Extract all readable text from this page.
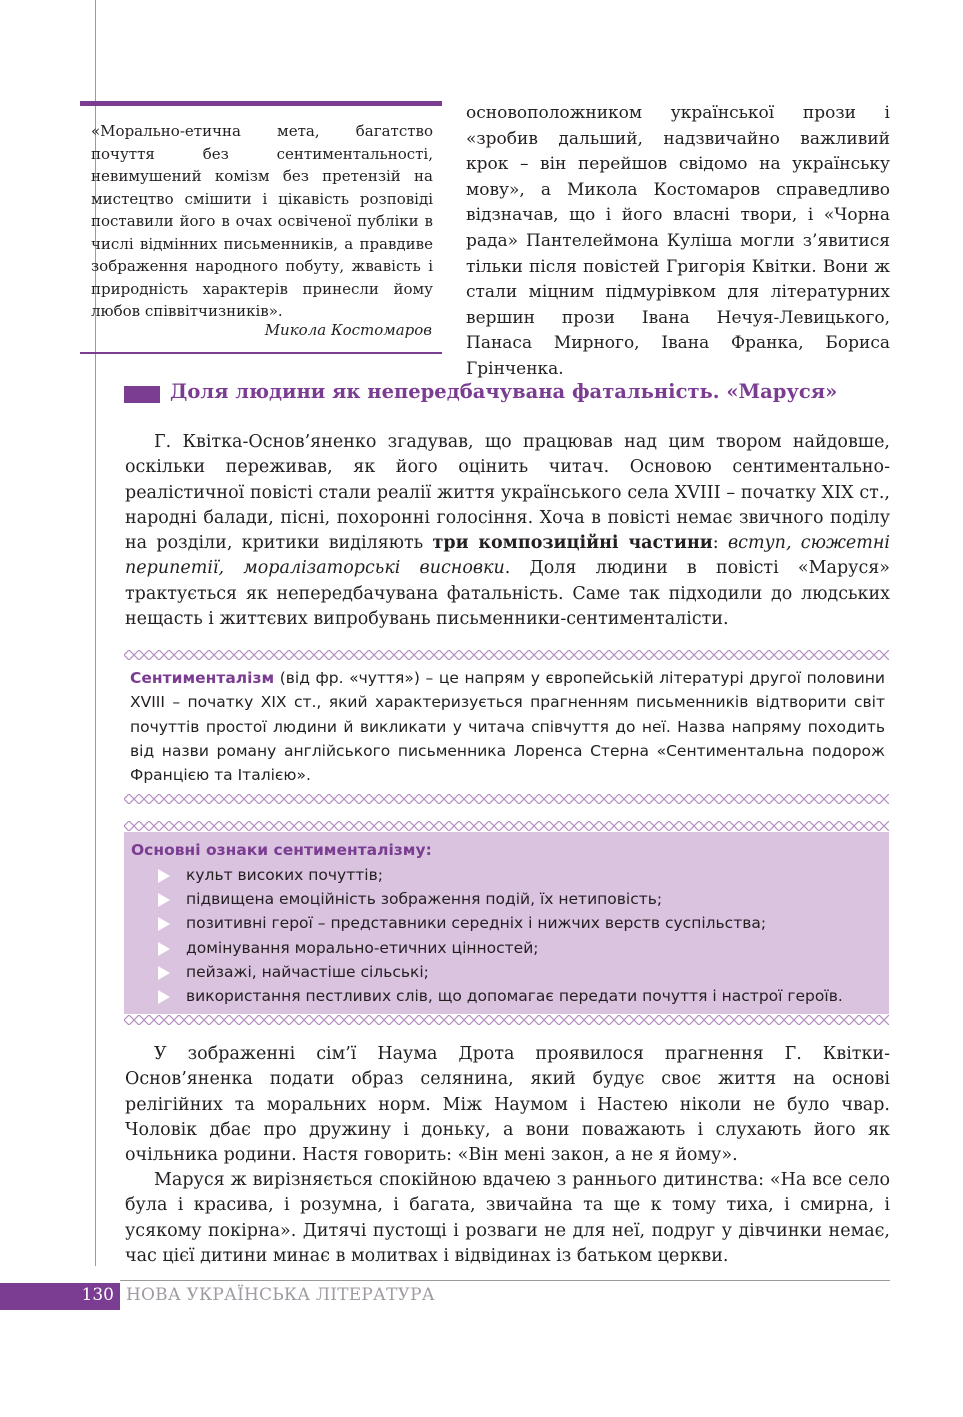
«Морально-етична мета, багатство почуття без сентиментальності, невимушений комізм без претензій на мистецтво смішити і цікавість розповіді поставили його в очах освіченої публіки в числі відмінних письменників, а правдиве зображення народного побуту, жвавість і природність характерів принесли йому любов співвітчизників».
Микола Костомаров

основоположником української прози і «зробив дальший, надзвичайно важливий крок – він перейшов свідомо на українську мову», а Микола Костомаров справедливо відзначав, що і його власні твори, і «Чорна рада» Пантелеймона Куліша могли з’явитися тільки після повістей Григорія Квітки. Вони ж стали міцним підмурівком для літературних вершин прози Івана Нечуя-Левицького, Панаса Мирного, Івана Франка, Бориса Грінченка.

Доля людини як непередбачувана фатальність. «Маруся»

Г. Квітка-Основ’яненко згадував, що працював над цим твором найдовше, оскільки переживав, як його оцінить читач. Основою сентиментально-реалістичної повісті стали реалії життя українського села XVIII – початку XIX ст., народні балади, пісні, похоронні голосіння. Хоча в повісті немає звичного поділу на розділи, критики виділяють три композиційні частини: вступ, сюжетні перипетії, моралізаторські висновки. Доля людини в повісті «Маруся» трактується як непередбачувана фатальність. Саме так підходили до людських нещасть і життєвих випробувань письменники-сентименталісти.

Сентименталізм (від фр. «чуття») – це напрям у європейській літературі другої половини XVIII – початку XIX ст., який характеризується прагненням письменників відтворити світ почуттів простої людини й викликати у читача співчуття до неї. Назва напряму походить від назви роману англійського письменника Лоренса Стерна «Сентиментальна подорож Францією та Італією».

Основні ознаки сентименталізму:

культ високих почуттів;
підвищена емоційність зображення подій, їх нетиповість;
позитивні герої – представники середніх і нижчих верств суспільства;
домінування морально-етичних цінностей;
пейзажі, найчастіше сільські;
використання пестливих слів, що допомагає передати почуття і настрої героїв.

У зображенні сім’ї Наума Дрота проявилося прагнення Г. Квітки-Основ’яненка подати образ селянина, який будує своє життя на основі релігійних та моральних норм. Між Наумом і Настею ніколи не було чвар. Чоловік дбає про дружину і доньку, а вони поважають і слухають його як очільника родини. Настя говорить: «Він мені закон, а не я йому».

Маруся ж вирізняється спокійною вдачею з раннього дитинства: «На все село була і красива, і розумна, і багата, звичайна та ще к тому тиха, і смирна, і усякому покірна». Дитячі пустощі і розваги не для неї, подруг у дівчинки немає, час цієї дитини минає в молитвах і відвідинах із батьком церкви.

130 НОВА УКРАЇНСЬКА ЛІТЕРАТУРА
